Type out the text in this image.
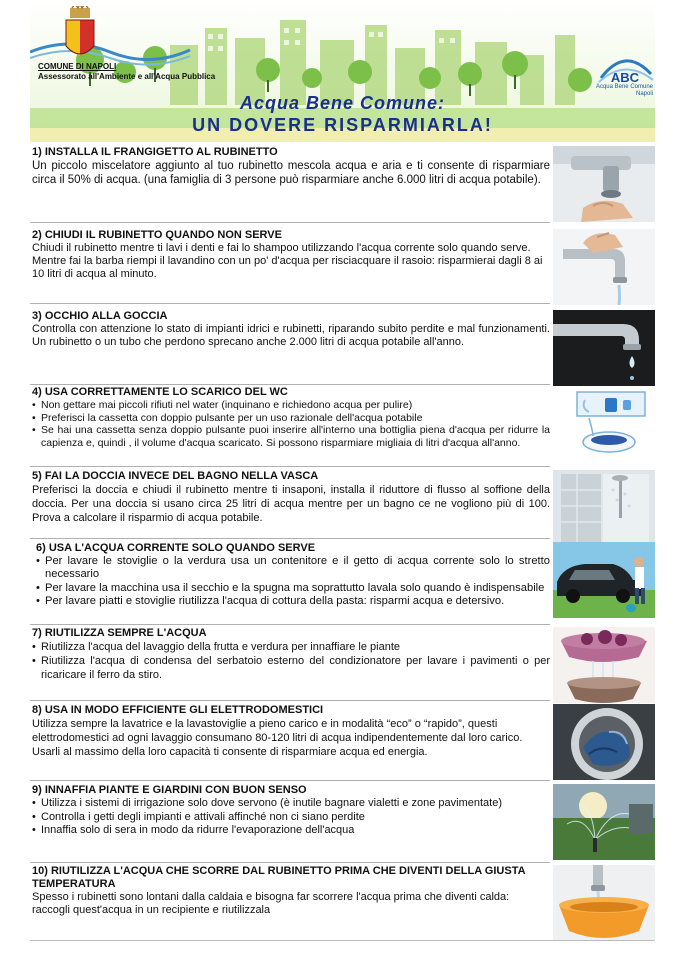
COMUNE DI NAPOLI
Assessorato all'Ambiente e all'Acqua Pubblica	ABC
Acqua Bene Comune
Napoli
Acqua Bene Comune:
UN DOVERE RISPARMIARLA!

1) INSTALLA IL FRANGIGETTO AL RUBINETTO

Un piccolo miscelatore aggiunto al tuo rubinetto mescola acqua e aria e ti consente di risparmiare circa il 50% di acqua. (una famiglia di 3 persone può risparmiare anche 6.000 litri di acqua potabile).

2) CHIUDI IL RUBINETTO QUANDO NON SERVE

Chiudi il rubinetto mentre ti lavi i denti e fai lo shampoo utilizzando l'acqua corrente solo quando serve. Mentre fai la barba riempi il lavandino con un po' d'acqua per risciacquare il rasoio: risparmierai dagli 8 ai 10 litri di acqua al minuto.

3) OCCHIO ALLA GOCCIA

Controlla con attenzione lo stato di impianti idrici e rubinetti, riparando subito perdite e mal funzionamenti. Un rubinetto o un tubo che perdono sprecano anche 2.000 litri di acqua potabile all'anno.

4) USA CORRETTAMENTE LO SCARICO DEL WC

• Non gettare mai piccoli rifiuti nel water (inquinano e richiedono acqua per pulire)
• Preferisci la cassetta con doppio pulsante per un uso razionale dell'acqua potabile
• Se hai una cassetta senza doppio pulsante puoi inserire all'interno una bottiglia piena d'acqua per ridurre la capienza e, quindi , il volume d'acqua scaricato. Si possono risparmiare migliaia di litri d'acqua all'anno.

5) FAI LA DOCCIA INVECE DEL BAGNO NELLA VASCA

Preferisci la doccia e chiudi il rubinetto mentre ti insaponi, installa il riduttore di flusso al soffione della doccia. Per una doccia si usano circa 25 litri di acqua mentre per un bagno ce ne vogliono più di 100. Prova a calcolare il risparmio di acqua potabile.

6) USA L'ACQUA CORRENTE SOLO QUANDO SERVE

• Per lavare le stoviglie o la verdura usa un contenitore e il getto di acqua corrente solo lo stretto necessario
• Per lavare la macchina usa il secchio e la spugna ma soprattutto lavala solo quando è indispensabile
• Per lavare piatti e stoviglie riutilizza l'acqua di cottura della pasta: risparmi acqua e detersivo.

7) RIUTILIZZA SEMPRE L'ACQUA

• Riutilizza l'acqua del lavaggio della frutta e verdura per innaffiare le piante
• Riutilizza l'acqua di condensa del serbatoio esterno del condizionatore per lavare i pavimenti o per ricaricare il ferro da stiro.

8) USA IN MODO EFFICIENTE GLI ELETTRODOMESTICI

Utilizza sempre la lavatrice e la lavastoviglie a pieno carico e in modalità “eco” o “rapido”, questi elettrodomestici ad ogni lavaggio consumano 80-120 litri di acqua indipendentemente dal loro carico. Usarli al massimo della loro capacità ti consente di risparmiare acqua ed energia.

9) INNAFFIA PIANTE E GIARDINI CON BUON SENSO

• Utilizza i sistemi di irrigazione solo dove servono (è inutile bagnare vialetti e zone pavimentate)
• Controlla i getti degli impianti e attivali affinché non ci siano perdite
• Innaffia solo di sera in modo da ridurre l'evaporazione dell'acqua

10) RIUTILIZZA L'ACQUA CHE SCORRE DAL RUBINETTO PRIMA CHE DIVENTI DELLA GIUSTA TEMPERATURA

Spesso i rubinetti sono lontani dalla caldaia e bisogna far scorrere l'acqua prima che diventi calda: raccogli quest'acqua in un recipiente e riutilizzala
